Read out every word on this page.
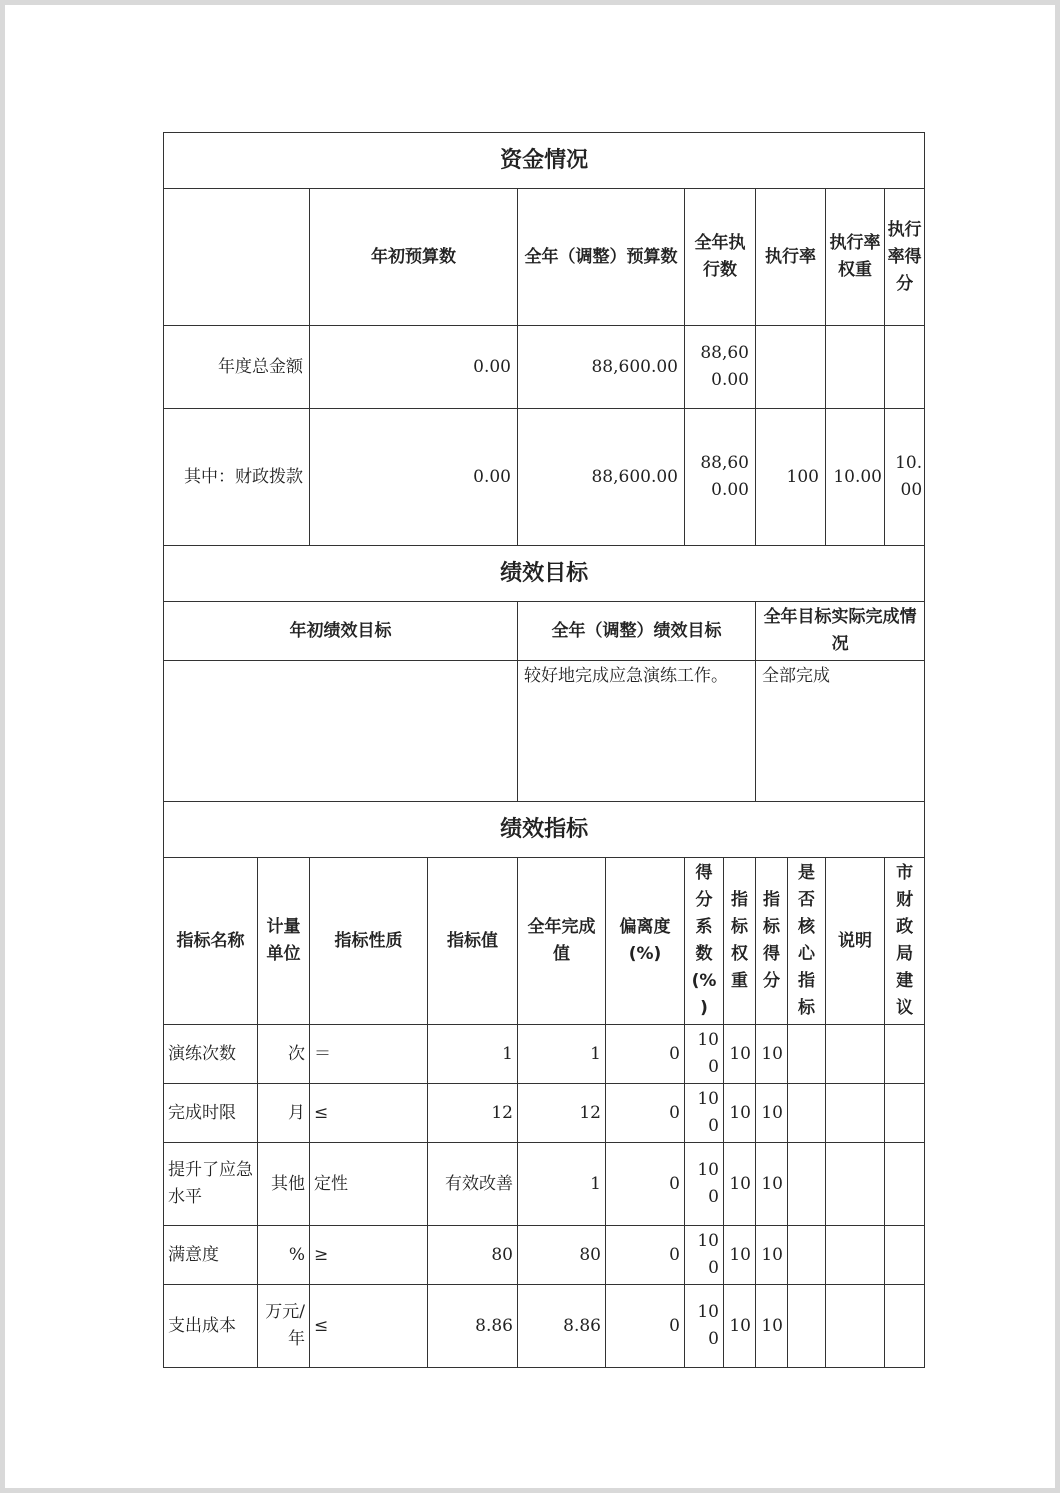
资金情况											
		年初预算数		全年（调整）预算数		全年执行数		执行率		执行率权重	执行率得分
年度总金额		0.00		88,600.00		88,600.00					
其中：财政拨款		0.00		88,600.00		88,600.00		100		10.00	10.00
绩效目标											
年初绩效目标				全年（调整）绩效目标				全年目标实际完成情况			
				较好地完成应急演练工作。				全部完成			
绩效指标											
指标名称	计量单位	指标性质	指标值	全年完成值	偏离度(%)	得分系数(%)	指标权重	指标得分	是否核心指标	说明	市财政局建议
演练次数	次	＝	1	1	0	100	10	10			
完成时限	月	≤	12	12	0	100	10	10			
提升了应急水平	其他	定性	有效改善	1	0	100	10	10			
满意度	%	≥	80	80	0	100	10	10			
支出成本	万元/年	≤	8.86	8.86	0	100	10	10			
